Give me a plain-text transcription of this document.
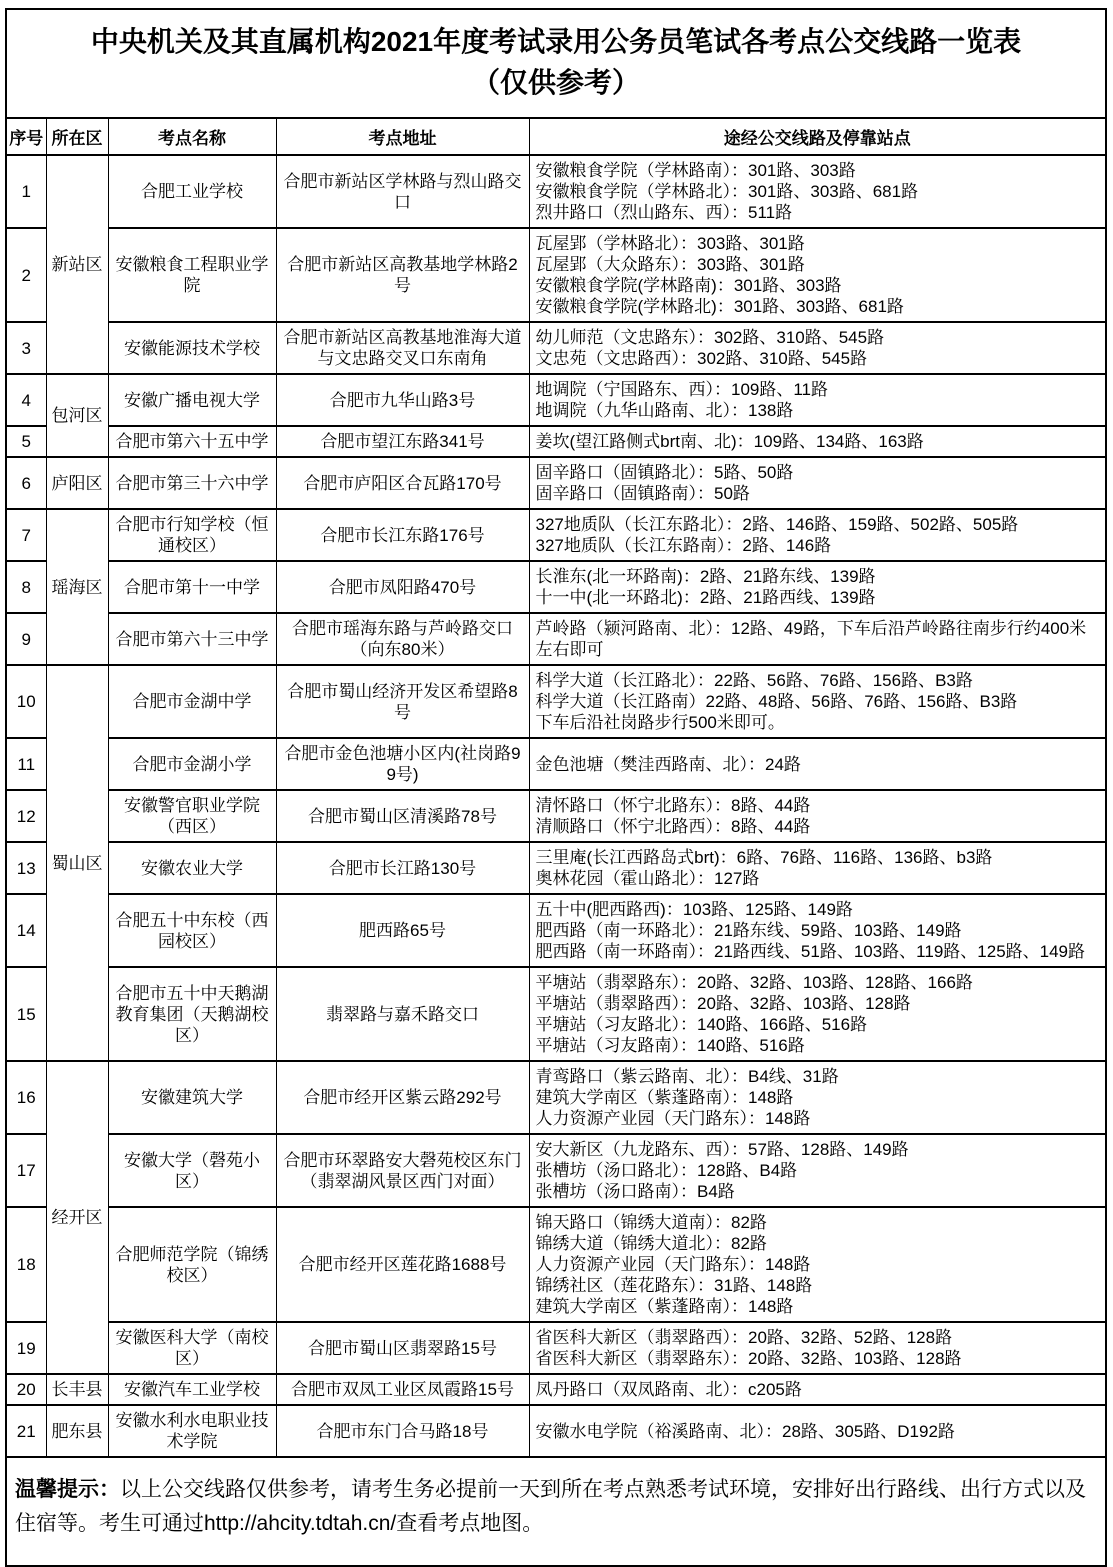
中央机关及其直属机构2021年度考试录用公务员笔试各考点公交线路一览表
（仅供参考）				

序号	所在区	考点名称	考点地址	途经公交线路及停靠站点
1	新站区	合肥工业学校	合肥市新站区学林路与烈山路交口	安徽粮食学院（学林路南）：301路、303路
安徽粮食学院（学林路北）：301路、303路、681路
烈井路口（烈山路东、西）：511路

2		安徽粮食工程职业学院	合肥市新站区高教基地学林路2号	瓦屋郢（学林路北）：303路、301路
瓦屋郢（大众路东）：303路、301路
安徽粮食学院(学林路南)：301路、303路
安徽粮食学院(学林路北)：301路、303路、681路

3		安徽能源技术学校	合肥市新站区高教基地淮海大道与文忠路交叉口东南角	幼儿师范（文忠路东）：302路、310路、545路
文忠苑（文忠路西）：302路、310路、545路

4	包河区	安徽广播电视大学	合肥市九华山路3号	地调院（宁国路东、西）：109路、11路
地调院（九华山路南、北）：138路

5		合肥市第六十五中学	合肥市望江东路341号	姜坎(望江路侧式brt南、北)：109路、134路、163路

6	庐阳区	合肥市第三十六中学	合肥市庐阳区合瓦路170号	固辛路口（固镇路北）：5路、50路
固辛路口（固镇路南）：50路

7	瑶海区	合肥市行知学校（恒通校区）	合肥市长江东路176号	327地质队（长江东路北）：2路、146路、159路、502路、505路
327地质队（长江东路南）：2路、146路

8		合肥市第十一中学	合肥市凤阳路470号	长淮东(北一环路南)：2路、21路东线、139路
十一中(北一环路北)：2路、21路西线、139路

9		合肥市第六十三中学	合肥市瑶海东路与芦岭路交口（向东80米）	芦岭路（颍河路南、北）：12路、49路，下车后沿芦岭路往南步行约400米左右即可

10	蜀山区	合肥市金湖中学	合肥市蜀山经济开发区希望路8号	科学大道（长江路北）：22路、56路、76路、156路、B3路
科学大道（长江路南）22路、48路、56路、76路、156路、B3路
下车后沿社岗路步行500米即可。

11		合肥市金湖小学	合肥市金色池塘小区内(社岗路99号)	金色池塘（樊洼西路南、北）：24路

12		安徽警官职业学院（西区）	合肥市蜀山区清溪路78号	清怀路口（怀宁北路东）：8路、44路
清顺路口（怀宁北路西）：8路、44路

13		安徽农业大学	合肥市长江路130号	三里庵(长江西路岛式brt)：6路、76路、116路、136路、b3路
奥林花园（霍山路北）：127路

14		合肥五十中东校（西园校区）	肥西路65号	五十中(肥西路西)：103路、125路、149路
肥西路（南一环路北）：21路东线、59路、103路、149路
肥西路（南一环路南）：21路西线、51路、103路、119路、125路、149路

15		合肥市五十中天鹅湖教育集团（天鹅湖校区）	翡翠路与嘉禾路交口	平塘站（翡翠路东）：20路、32路、103路、128路、166路
平塘站（翡翠路西）：20路、32路、103路、128路
平塘站（习友路北）：140路、166路、516路
平塘站（习友路南）：140路、516路

16	经开区	安徽建筑大学	合肥市经开区紫云路292号	青鸾路口（紫云路南、北）：B4线、31路
建筑大学南区（紫蓬路南）：148路
人力资源产业园（天门路东）：148路

17		安徽大学（磬苑小区）	合肥市环翠路安大磬苑校区东门（翡翠湖风景区西门对面）	安大新区（九龙路东、西）：57路、128路、149路
张槽坊（汤口路北）：128路、B4路
张槽坊（汤口路南）：B4路

18		合肥师范学院（锦绣校区）	合肥市经开区莲花路1688号	锦天路口（锦绣大道南）：82路
锦绣大道（锦绣大道北）：82路
人力资源产业园（天门路东）：148路
锦绣社区（莲花路东）：31路、148路
建筑大学南区（紫蓬路南）：148路

19		安徽医科大学（南校区）	合肥市蜀山区翡翠路15号	省医科大新区（翡翠路西）：20路、32路、52路、128路
省医科大新区（翡翠路东）：20路、32路、103路、128路

20	长丰县	安徽汽车工业学校	合肥市双凤工业区凤霞路15号	凤丹路口（双凤路南、北）：c205路

21	肥东县	安徽水利水电职业技术学院	合肥市东门合马路18号	安徽水电学院（裕溪路南、北）：28路、305路、D192路

温馨提示：以上公交线路仅供参考，请考生务必提前一天到所在考点熟悉考试环境，安排好出行路线、出行方式以及住宿等。考生可通过http://ahcity.tdtah.cn/查看考点地图。				
